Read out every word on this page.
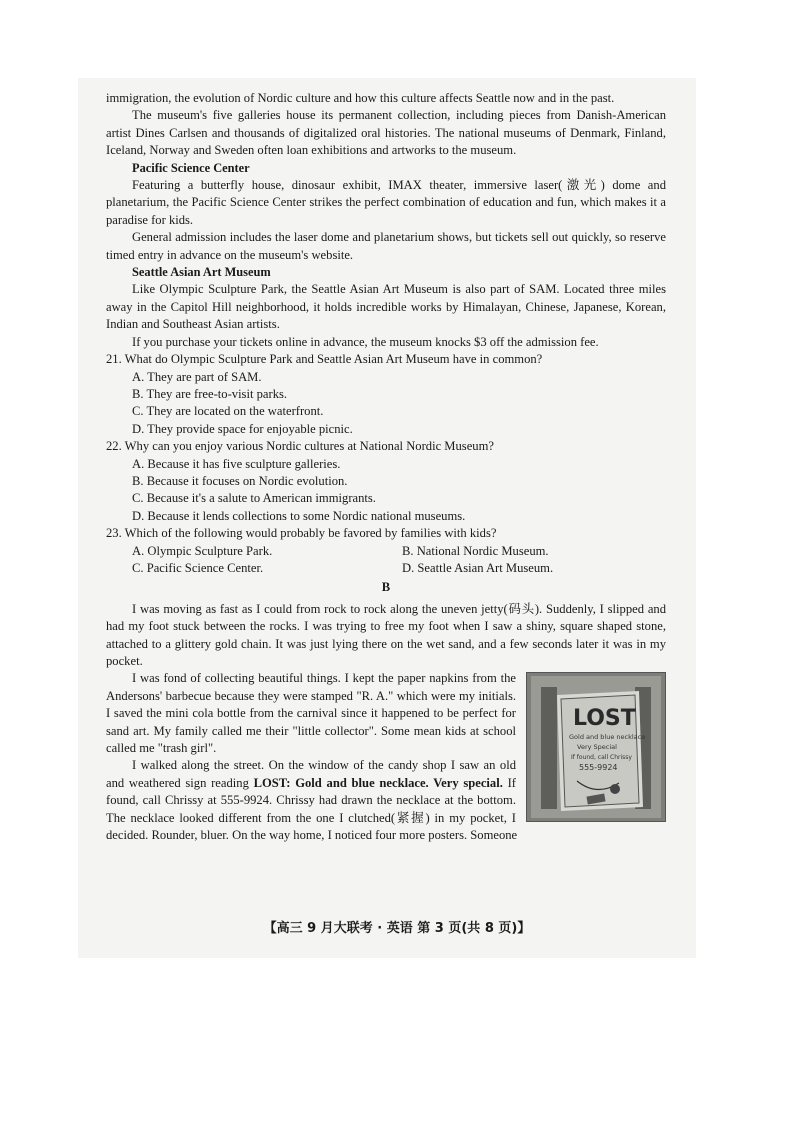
immigration, the evolution of Nordic culture and how this culture affects Seattle now and in the past.

The museum's five galleries house its permanent collection, including pieces from Danish-American artist Dines Carlsen and thousands of digitalized oral histories. The national museums of Denmark, Finland, Iceland, Norway and Sweden often loan exhibitions and artworks to the museum.

Pacific Science Center

Featuring a butterfly house, dinosaur exhibit, IMAX theater, immersive laser(激光) dome and planetarium, the Pacific Science Center strikes the perfect combination of education and fun, which makes it a paradise for kids.

General admission includes the laser dome and planetarium shows, but tickets sell out quickly, so reserve timed entry in advance on the museum's website.

Seattle Asian Art Museum

Like Olympic Sculpture Park, the Seattle Asian Art Museum is also part of SAM. Located three miles away in the Capitol Hill neighborhood, it holds incredible works by Himalayan, Chinese, Japanese, Korean, Indian and Southeast Asian artists.

If you purchase your tickets online in advance, the museum knocks $3 off the admission fee.

21. What do Olympic Sculpture Park and Seattle Asian Art Museum have in common?

A. They are part of SAM.

B. They are free-to-visit parks.

C. They are located on the waterfront.

D. They provide space for enjoyable picnic.

22. Why can you enjoy various Nordic cultures at National Nordic Museum?

A. Because it has five sculpture galleries.

B. Because it focuses on Nordic evolution.

C. Because it's a salute to American immigrants.

D. Because it lends collections to some Nordic national museums.

23. Which of the following would probably be favored by families with kids?

A. Olympic Sculpture Park.	B. National Nordic Museum.
C. Pacific Science Center.	D. Seattle Asian Art Museum.
B

I was moving as fast as I could from rock to rock along the uneven jetty(码头). Suddenly, I slipped and had my foot stuck between the rocks. I was trying to free my foot when I saw a shiny, square shaped stone, attached to a glittery gold chain. It was just lying there on the wet sand, and a few seconds later it was in my pocket.

LOST
Gold and blue necklace
Very Special
If found, call Chrissy
555-9924

I was fond of collecting beautiful things. I kept the paper napkins from the Andersons' barbecue because they were stamped "R. A." which were my initials. I saved the mini cola bottle from the carnival since it happened to be perfect for sand art. My family called me their "little collector". Some mean kids at school called me "trash girl".

I walked along the street. On the window of the candy shop I saw an old and weathered sign reading LOST: Gold and blue necklace. Very special. If found, call Chrissy at 555-9924. Chrissy had drawn the necklace at the bottom. The necklace looked different from the one I clutched(紧握) in my pocket, I decided. Rounder, bluer. On the way home, I noticed four more posters. Someone

【高三 9 月大联考 · 英语 第 3 页(共 8 页)】
